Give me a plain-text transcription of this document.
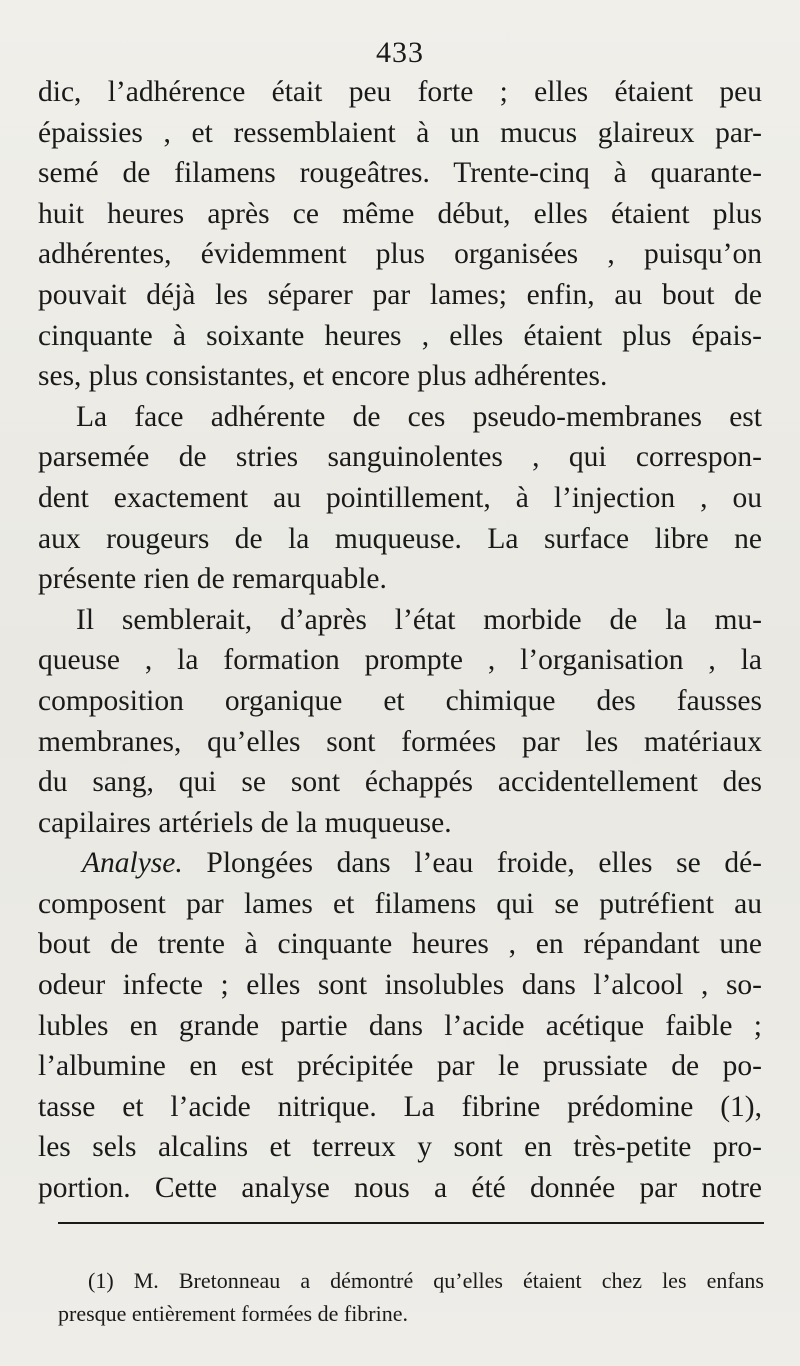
433
dic, l’adhérence était peu forte ; elles étaient peu
épaissies , et ressemblaient à un mucus glaireux par-
semé de filamens rougeâtres. Trente-cinq à quarante-
huit heures après ce même début, elles étaient plus
adhérentes, évidemment plus organisées , puisqu’on
pouvait déjà les séparer par lames; enfin, au bout de
cinquante à soixante heures , elles étaient plus épais-
ses, plus consistantes, et encore plus adhérentes.
La face adhérente de ces pseudo-membranes est
parsemée de stries sanguinolentes , qui correspon-
dent exactement au pointillement, à l’injection , ou
aux rougeurs de la muqueuse. La surface libre ne
présente rien de remarquable.
Il semblerait, d’après l’état morbide de la mu-
queuse , la formation prompte , l’organisation , la
composition organique et chimique des fausses
membranes, qu’elles sont formées par les matériaux
du sang, qui se sont échappés accidentellement des
capilaires artériels de la muqueuse.
Analyse. Plongées dans l’eau froide, elles se dé-
composent par lames et filamens qui se putréfient au
bout de trente à cinquante heures , en répandant une
odeur infecte ; elles sont insolubles dans l’alcool , so-
lubles en grande partie dans l’acide acétique faible ;
l’albumine en est précipitée par le prussiate de po-
tasse et l’acide nitrique. La fibrine prédomine (1),
les sels alcalins et terreux y sont en très-petite pro-
portion. Cette analyse nous a été donnée par notre
(1) M. Bretonneau a démontré qu’elles étaient chez les enfans
presque entièrement formées de fibrine.
